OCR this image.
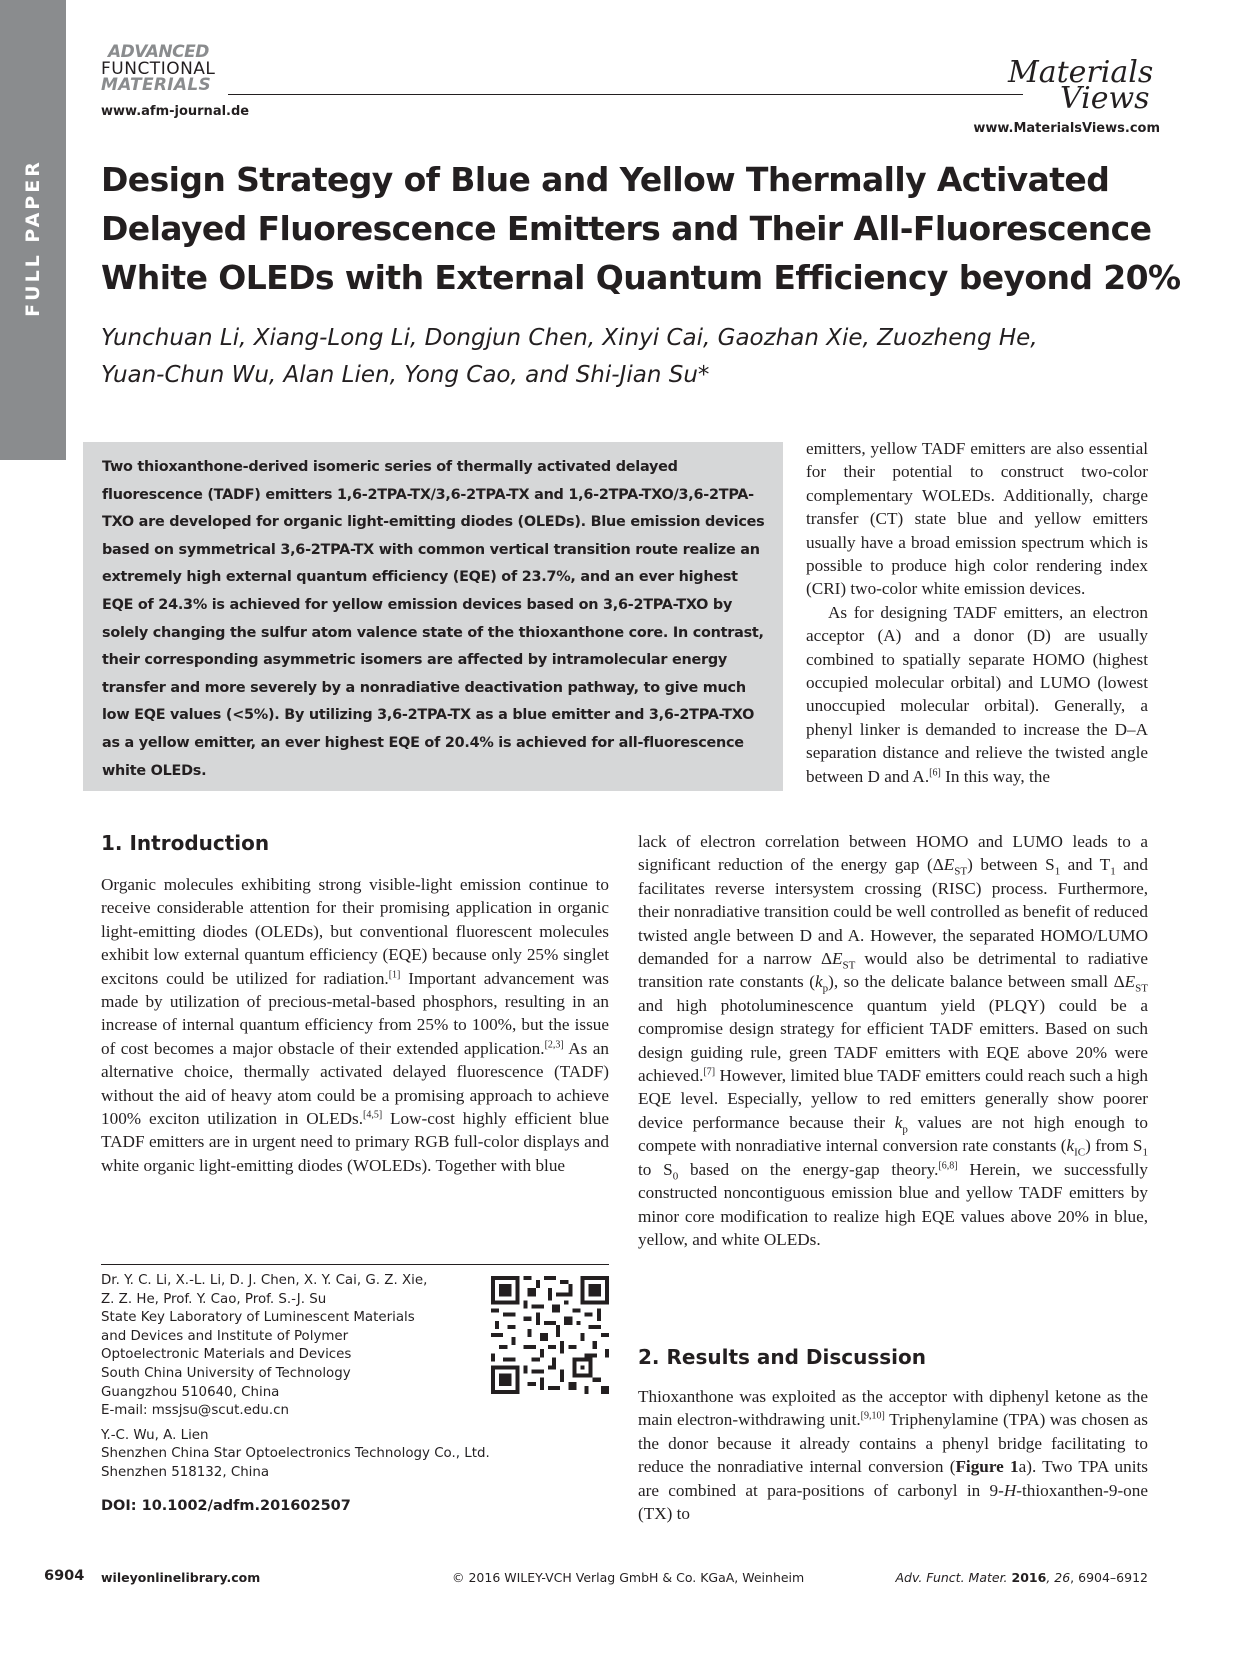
FULL PAPER
ADVANCED
FUNCTIONAL
MATERIALS
www.afm-journal.de
Materials
Views
www.MaterialsViews.com
Design Strategy of Blue and Yellow Thermally Activated Delayed Fluorescence Emitters and Their All-Fluorescence White OLEDs with External Quantum Efficiency beyond 20%
Yunchuan Li, Xiang-Long Li, Dongjun Chen, Xinyi Cai, Gaozhan Xie, Zuozheng He, Yuan-Chun Wu, Alan Lien, Yong Cao, and Shi-Jian Su*
Two thioxanthone-derived isomeric series of thermally activated delayed fluorescence (TADF) emitters 1,6-2TPA-TX/3,6-2TPA-TX and 1,6-2TPA-TXO/3,6-2TPA-TXO are developed for organic light-emitting diodes (OLEDs). Blue emission devices based on symmetrical 3,6-2TPA-TX with common vertical transition route realize an extremely high external quantum efficiency (EQE) of 23.7%, and an ever highest EQE of 24.3% is achieved for yellow emission devices based on 3,6-2TPA-TXO by solely changing the sulfur atom valence state of the thioxanthone core. In contrast, their corresponding asymmetric isomers are affected by intramolecular energy transfer and more severely by a nonradiative deactivation pathway, to give much low EQE values (<5%). By utilizing 3,6-2TPA-TX as a blue emitter and 3,6-2TPA-TXO as a yellow emitter, an ever highest EQE of 20.4% is achieved for all-fluorescence white OLEDs.

emitters, yellow TADF emitters are also essential for their potential to construct two-color complementary WOLEDs. Additionally, charge transfer (CT) state blue and yellow emitters usually have a broad emission spectrum which is possible to produce high color rendering index (CRI) two-color white emission devices.

As for designing TADF emitters, an electron acceptor (A) and a donor (D) are usually combined to spatially separate HOMO (highest occupied molecular orbital) and LUMO (lowest unoccupied molecular orbital). Generally, a phenyl linker is demanded to increase the D–A separation distance and relieve the twisted angle between D and A.[6] In this way, the

1. Introduction

Organic molecules exhibiting strong visible-light emission continue to receive considerable attention for their promising application in organic light-emitting diodes (OLEDs), but conventional fluorescent molecules exhibit low external quantum efficiency (EQE) because only 25% singlet excitons could be utilized for radiation.[1] Important advancement was made by utilization of precious-metal-based phosphors, resulting in an increase of internal quantum efficiency from 25% to 100%, but the issue of cost becomes a major obstacle of their extended application.[2,3] As an alternative choice, thermally activated delayed fluorescence (TADF) without the aid of heavy atom could be a promising approach to achieve 100% exciton utilization in OLEDs.[4,5] Low-cost highly efficient blue TADF emitters are in urgent need to primary RGB full-color displays and white organic light-emitting diodes (WOLEDs). Together with blue

lack of electron correlation between HOMO and LUMO leads to a significant reduction of the energy gap $(\Delta E_{ST})$ between $S_1$ and $T_1$ and facilitates reverse intersystem crossing (RISC) process. Furthermore, their nonradiative transition could be well controlled as benefit of reduced twisted angle between D and A. However, the separated HOMO/LUMO demanded for a narrow $\Delta E_{ST}$ would also be detrimental to radiative transition rate constants $(k_p)$, so the delicate balance between small $\Delta E_{ST}$ and high photoluminescence quantum yield (PLQY) could be a compromise design strategy for efficient TADF emitters. Based on such design guiding rule, green TADF emitters with EQE above 20% were achieved.[7] However, limited blue TADF emitters could reach such a high EQE level. Especially, yellow to red emitters generally show poorer device performance because their $k_p$ values are not high enough to compete with nonradiative internal conversion rate constants $(k_{IC})$ from $S_1$ to $S_0$ based on the energy-gap theory.[6,8] Herein, we successfully constructed noncontiguous emission blue and yellow TADF emitters by minor core modification to realize high EQE values above 20% in blue, yellow, and white OLEDs.

2. Results and Discussion

Thioxanthone was exploited as the acceptor with diphenyl ketone as the main electron-withdrawing unit.[9,10] Triphenylamine (TPA) was chosen as the donor because it already contains a phenyl bridge facilitating to reduce the nonradiative internal conversion (Figure 1a). Two TPA units are combined at para-positions of carbonyl in 9-H-thioxanthen-9-one (TX) to

Dr. Y. C. Li, X.-L. Li, D. J. Chen, X. Y. Cai, G. Z. Xie,
Z. Z. He, Prof. Y. Cao, Prof. S.-J. Su
State Key Laboratory of Luminescent Materials
and Devices and Institute of Polymer
Optoelectronic Materials and Devices
South China University of Technology
Guangzhou 510640, China
E-mail: mssjsu@scut.edu.cn
Y.-C. Wu, A. Lien
Shenzhen China Star Optoelectronics Technology Co., Ltd.
Shenzhen 518132, China
DOI: 10.1002/adfm.201602507
6904 wileyonlinelibrary.com	© 2016 WILEY-VCH Verlag GmbH & Co. KGaA, Weinheim	Adv. Funct. Mater. 2016, 26, 6904–6912
